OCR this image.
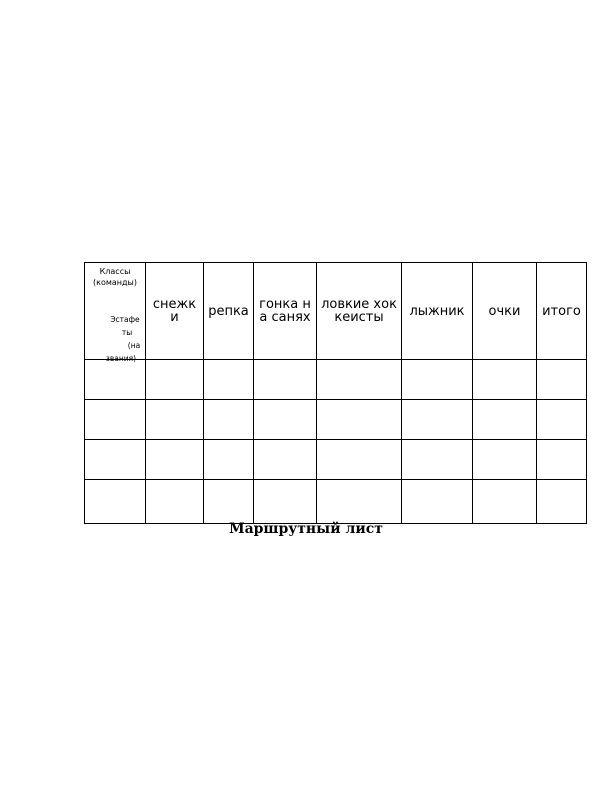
Классы (команды)
Эстафе
ты
(на
звания)	снежки	репка	гонка на санях	ловкие хоккеисты	лыжник	очки	итого

Маршрутный лист
